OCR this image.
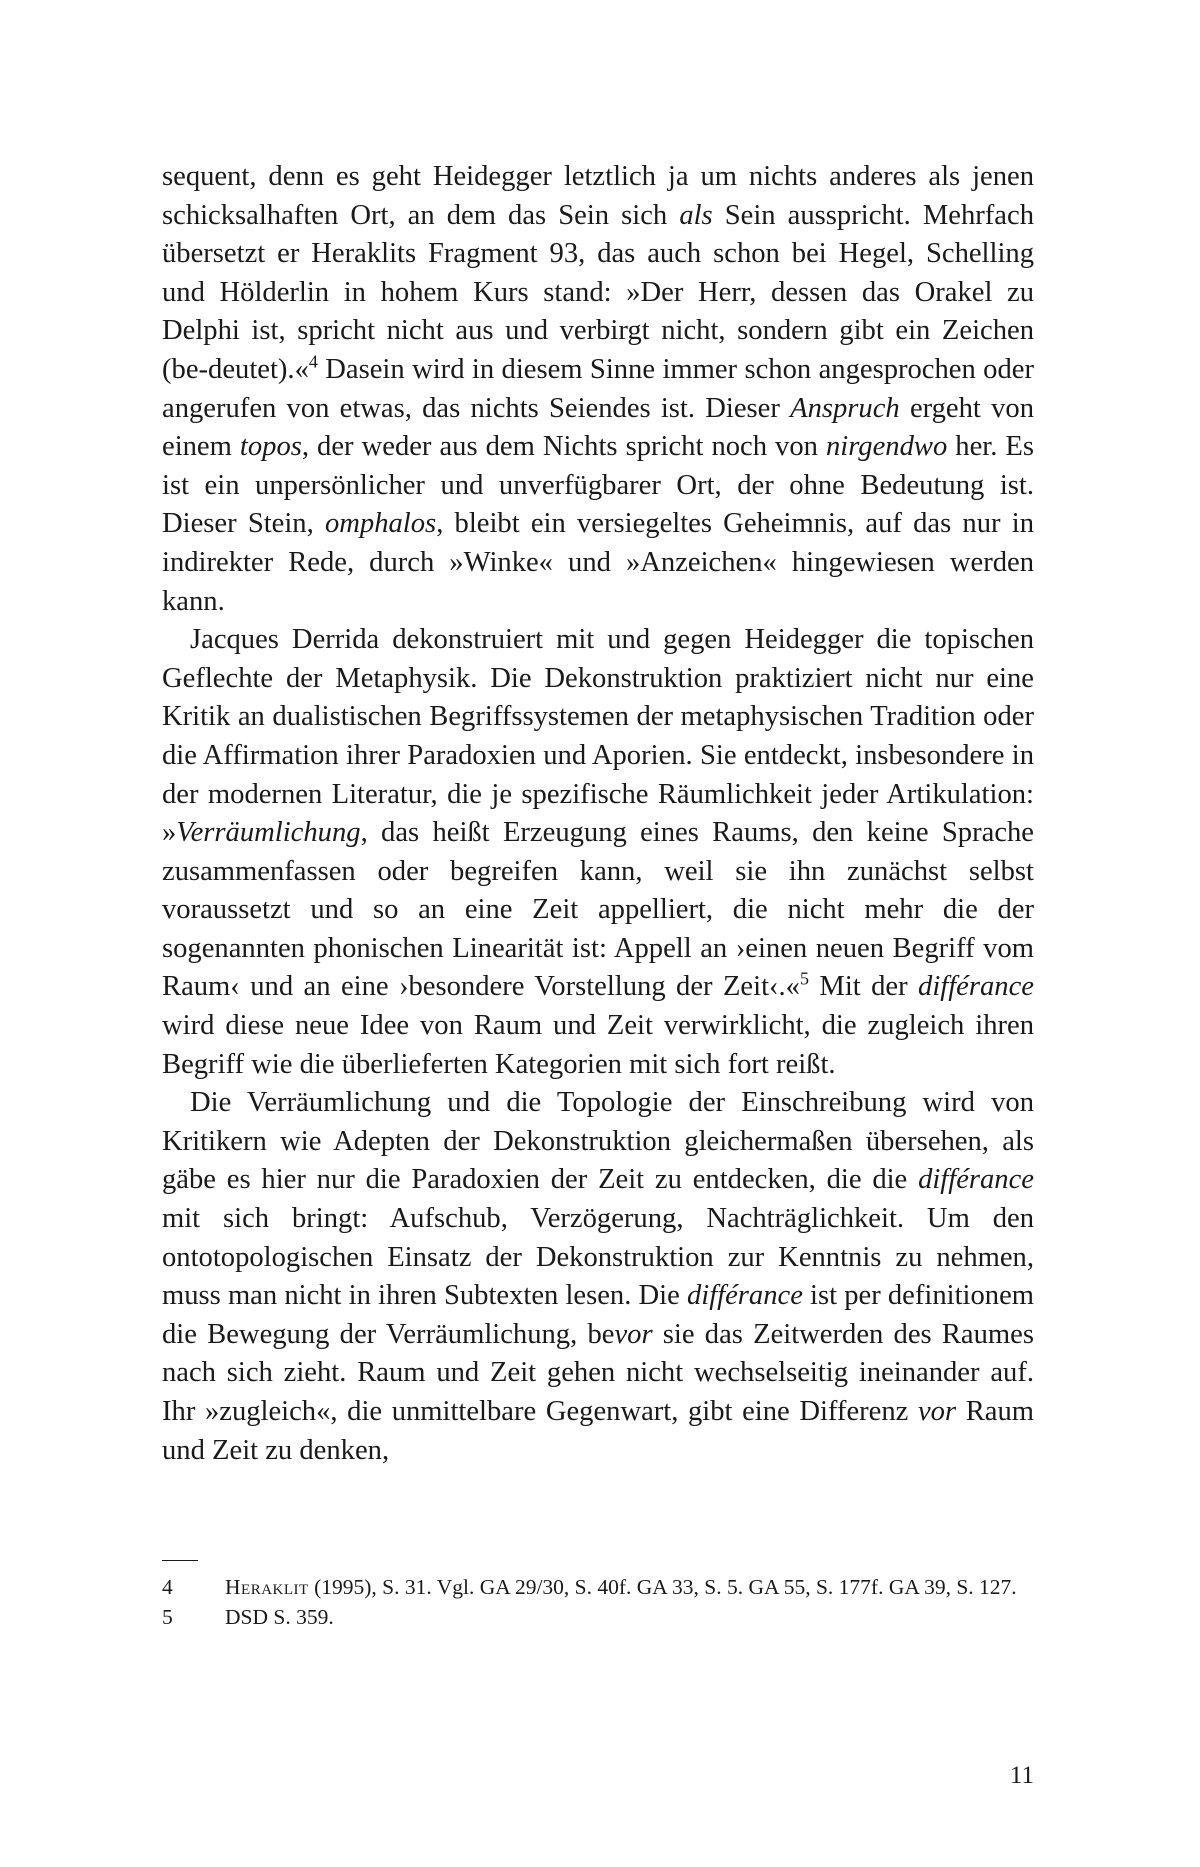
sequent, denn es geht Heidegger letztlich ja um nichts anderes als jenen schicksalhaften Ort, an dem das Sein sich als Sein ausspricht. Mehrfach übersetzt er Heraklits Fragment 93, das auch schon bei Hegel, Schelling und Hölderlin in hohem Kurs stand: »Der Herr, dessen das Orakel zu Delphi ist, spricht nicht aus und verbirgt nicht, sondern gibt ein Zeichen (be-deutet).«$^4$ Dasein wird in diesem Sinne immer schon angesprochen oder angerufen von etwas, das nichts Seiendes ist. Dieser Anspruch ergeht von einem topos, der weder aus dem Nichts spricht noch von nirgendwo her. Es ist ein unpersönlicher und unverfügbarer Ort, der ohne Bedeutung ist. Dieser Stein, omphalos, bleibt ein versiegeltes Geheimnis, auf das nur in indirekter Rede, durch »Winke« und »Anzeichen« hingewiesen werden kann.

Jacques Derrida dekonstruiert mit und gegen Heidegger die topischen Geflechte der Metaphysik. Die Dekonstruktion praktiziert nicht nur eine Kritik an dualistischen Begriffssystemen der metaphysischen Tradition oder die Affirmation ihrer Paradoxien und Aporien. Sie entdeckt, insbesondere in der modernen Literatur, die je spezifische Räumlichkeit jeder Artikulation: »Verräumlichung, das heißt Erzeugung eines Raums, den keine Sprache zusammenfassen oder begreifen kann, weil sie ihn zunächst selbst voraussetzt und so an eine Zeit appelliert, die nicht mehr die der sogenannten phonischen Linearität ist: Appell an ›einen neuen Begriff vom Raum‹ und an eine ›besondere Vorstellung der Zeit‹.«$^5$ Mit der différance wird diese neue Idee von Raum und Zeit verwirklicht, die zugleich ihren Begriff wie die überlieferten Kategorien mit sich fort reißt.

Die Verräumlichung und die Topologie der Einschreibung wird von Kritikern wie Adepten der Dekonstruktion gleichermaßen übersehen, als gäbe es hier nur die Paradoxien der Zeit zu entdecken, die die différance mit sich bringt: Aufschub, Verzögerung, Nachträglichkeit. Um den ontotopologischen Einsatz der Dekonstruktion zur Kenntnis zu nehmen, muss man nicht in ihren Subtexten lesen. Die différance ist per definitionem die Bewegung der Verräumlichung, bevor sie das Zeitwerden des Raumes nach sich zieht. Raum und Zeit gehen nicht wechselseitig ineinander auf. Ihr »zugleich«, die unmittelbare Gegenwart, gibt eine Differenz vor Raum und Zeit zu denken,

4	Heraklit (1995), S. 31. Vgl. GA 29/30, S. 40f. GA 33, S. 5. GA 55, S. 177f. GA 39, S. 127.
5	DSD S. 359.
11
